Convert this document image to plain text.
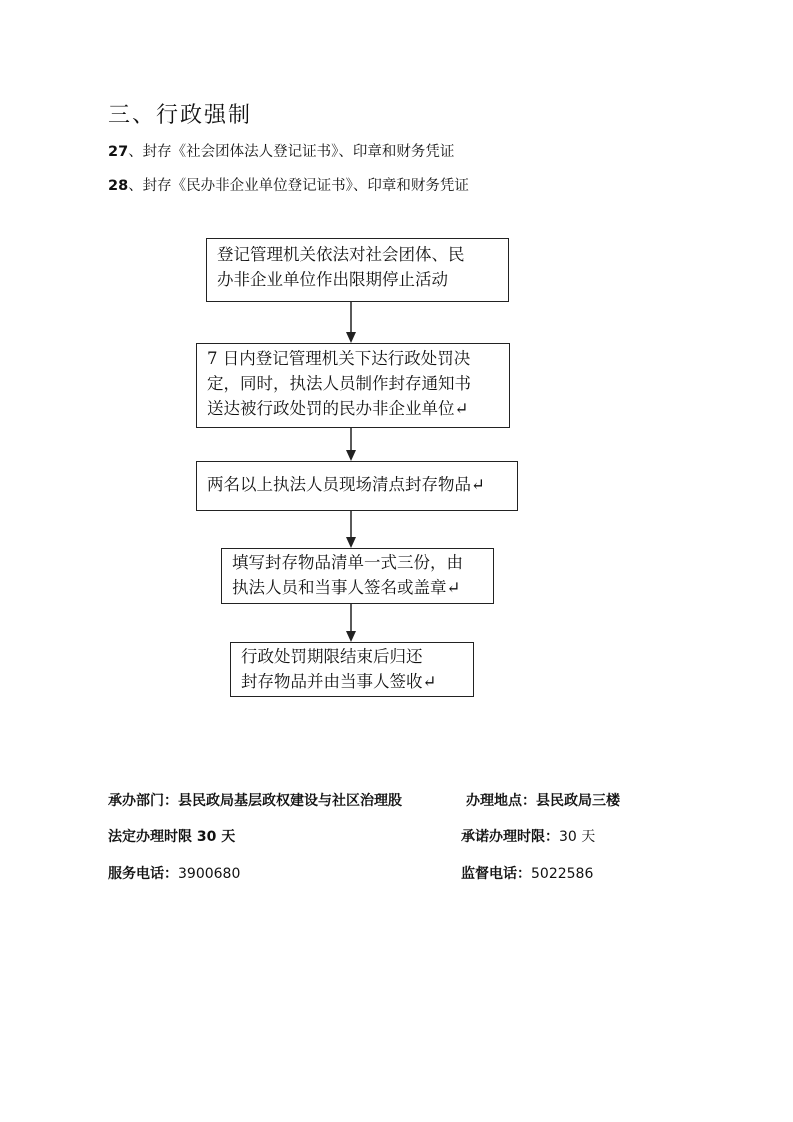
三、行政强制
27、封存《社会团体法人登记证书》、印章和财务凭证
28、封存《民办非企业单位登记证书》、印章和财务凭证
登记管理机关依法对社会团体、民
办非企业单位作出限期停止活动
7 日内登记管理机关下达行政处罚决
定，同时，执法人员制作封存通知书
送达被行政处罚的民办非企业单位↵
两名以上执法人员现场清点封存物品↵
填写封存物品清单一式三份，由
执法人员和当事人签名或盖章↵
行政处罚期限结束后归还
封存物品并由当事人签收↵
承办部门：县民政局基层政权建设与社区治理股	办理地点：县民政局三楼
法定办理时限 30 天	承诺办理时限：30 天
服务电话：3900680	监督电话：5022586
